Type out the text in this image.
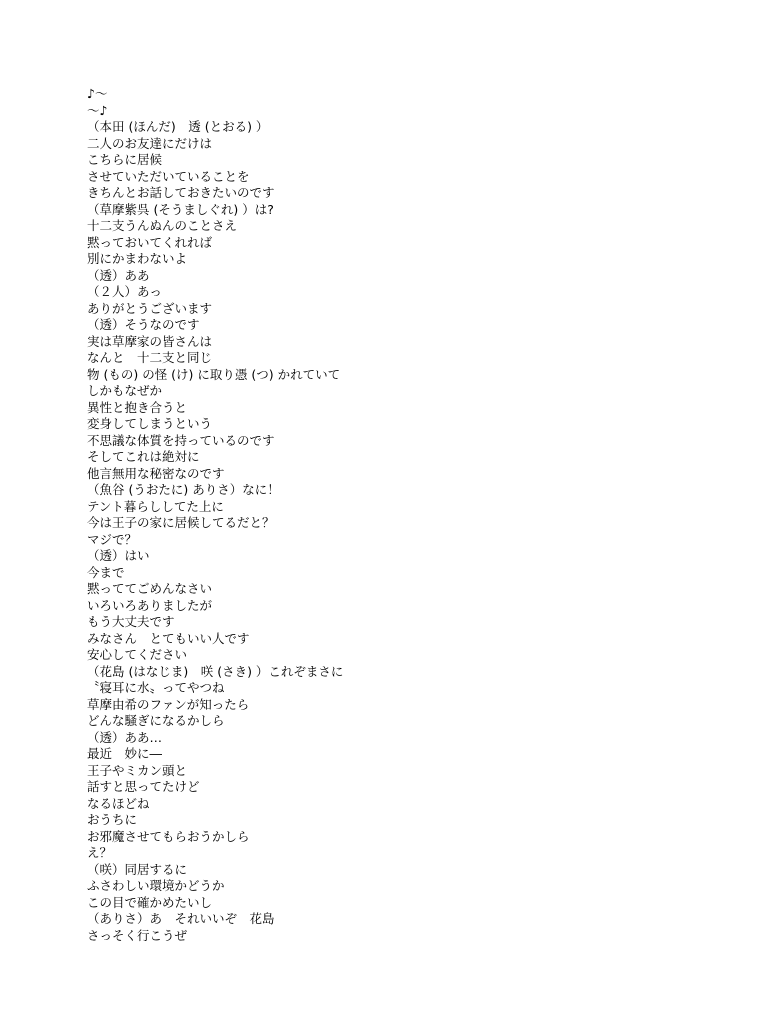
♪〜
〜♪
（本田 (ほんだ)　透 (とおる) ）
二人のお友達にだけは
こちらに居候
させていただいていることを
きちんとお話しておきたいのです
（草摩紫呉 (そうましぐれ) ）は?
十二支うんぬんのことさえ
黙っておいてくれれば
別にかまわないよ
（透）ああ
（２人）あっ
ありがとうございます
（透）そうなのです
実は草摩家の皆さんは
なんと　十二支と同じ
物 (もの) の怪 (け) に取り憑 (つ) かれていて
しかもなぜか
異性と抱き合うと
変身してしまうという
不思議な体質を持っているのです
そしてこれは絶対に
他言無用な秘密なのです
（魚谷 (うおたに) ありさ）なに！
テント暮らししてた上に
今は王子の家に居候してるだと？
マジで？
（透）はい
今まで
黙っててごめんなさい
いろいろありましたが
もう大丈夫です
みなさん　とてもいい人です
安心してください
（花島 (はなじま)　咲 (さき) ）これぞまさに
〝寝耳に水〟ってやつね
草摩由希のファンが知ったら
どんな騒ぎになるかしら
（透）ああ…
最近　妙に―
王子やミカン頭と
話すと思ってたけど
なるほどね
おうちに
お邪魔させてもらおうかしら
え？
（咲）同居するに
ふさわしい環境かどうか
この目で確かめたいし
（ありさ）あ　それいいぞ　花島
さっそく行こうぜ
